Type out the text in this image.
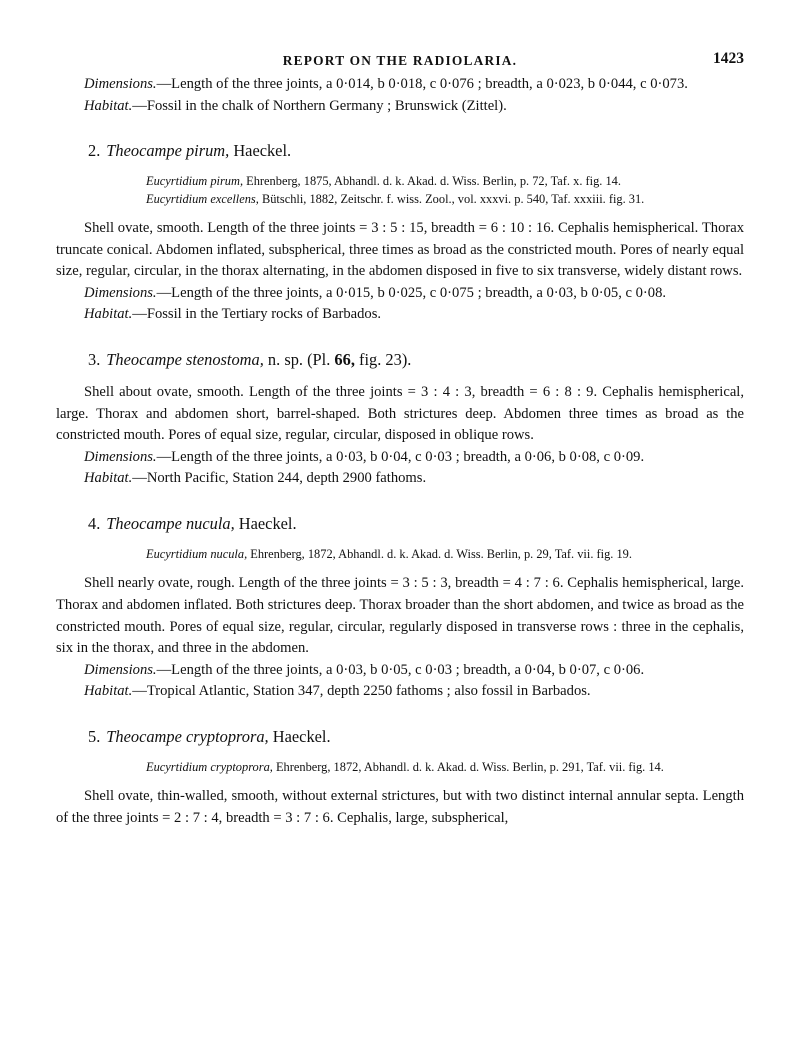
REPORT ON THE RADIOLARIA.	1423

Dimensions.—Length of the three joints, a 0·014, b 0·018, c 0·076 ; breadth, a 0·023, b 0·044, c 0·073.

Habitat.—Fossil in the chalk of Northern Germany ; Brunswick (Zittel).

2. Theocampe pirum, Haeckel.
Eucyrtidium pirum, Ehrenberg, 1875, Abhandl. d. k. Akad. d. Wiss. Berlin, p. 72, Taf. x. fig. 14.
Eucyrtidium excellens, Bütschli, 1882, Zeitschr. f. wiss. Zool., vol. xxxvi. p. 540, Taf. xxxiii. fig. 31.

Shell ovate, smooth. Length of the three joints = 3 : 5 : 15, breadth = 6 : 10 : 16. Cephalis hemispherical. Thorax truncate conical. Abdomen inflated, subspherical, three times as broad as the constricted mouth. Pores of nearly equal size, regular, circular, in the thorax alternating, in the abdomen disposed in five to six transverse, widely distant rows.

Dimensions.—Length of the three joints, a 0·015, b 0·025, c 0·075 ; breadth, a 0·03, b 0·05, c 0·08.

Habitat.—Fossil in the Tertiary rocks of Barbados.

3. Theocampe stenostoma, n. sp. (Pl. 66, fig. 23).

Shell about ovate, smooth. Length of the three joints = 3 : 4 : 3, breadth = 6 : 8 : 9. Cephalis hemispherical, large. Thorax and abdomen short, barrel-shaped. Both strictures deep. Abdomen three times as broad as the constricted mouth. Pores of equal size, regular, circular, disposed in oblique rows.

Dimensions.—Length of the three joints, a 0·03, b 0·04, c 0·03 ; breadth, a 0·06, b 0·08, c 0·09.

Habitat.—North Pacific, Station 244, depth 2900 fathoms.

4. Theocampe nucula, Haeckel.
Eucyrtidium nucula, Ehrenberg, 1872, Abhandl. d. k. Akad. d. Wiss. Berlin, p. 29, Taf. vii. fig. 19.

Shell nearly ovate, rough. Length of the three joints = 3 : 5 : 3, breadth = 4 : 7 : 6. Cephalis hemispherical, large. Thorax and abdomen inflated. Both strictures deep. Thorax broader than the short abdomen, and twice as broad as the constricted mouth. Pores of equal size, regular, circular, regularly disposed in transverse rows : three in the cephalis, six in the thorax, and three in the abdomen.

Dimensions.—Length of the three joints, a 0·03, b 0·05, c 0·03 ; breadth, a 0·04, b 0·07, c 0·06.

Habitat.—Tropical Atlantic, Station 347, depth 2250 fathoms ; also fossil in Barbados.

5. Theocampe cryptoprora, Haeckel.
Eucyrtidium cryptoprora, Ehrenberg, 1872, Abhandl. d. k. Akad. d. Wiss. Berlin, p. 291, Taf. vii. fig. 14.

Shell ovate, thin-walled, smooth, without external strictures, but with two distinct internal annular septa. Length of the three joints = 2 : 7 : 4, breadth = 3 : 7 : 6. Cephalis, large, subspherical,
